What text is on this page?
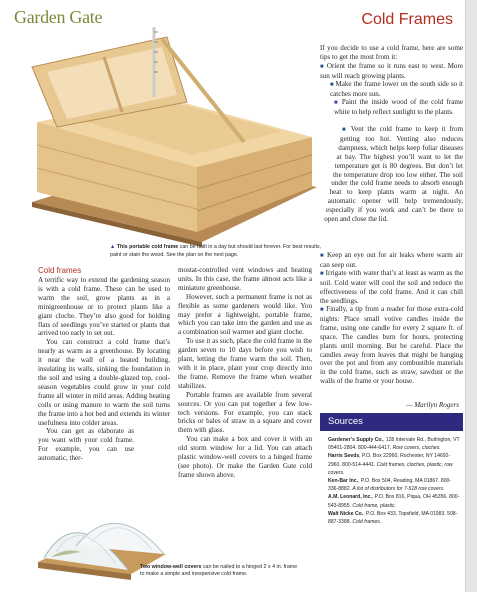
Garden Gate	Cold Frames
▲ This portable cold frame can be built in a day but should last forever. For best results, paint or stain the wood. See the plan on the next page.
If you decide to use a cold frame, here are some tips to get the most from it:
■ Orient the frame so it runs east to west. More sun will reach growing plants.
■ Make the frame lower on the south side so it catches more sun.
■ Paint the inside wood of the cold frame white to help reflect sunlight to the plants.
■ Vent the cold frame to keep it from getting too hot. Venting also reduces dampness, which helps keep foliar diseases at bay. The highest you’ll want to let the temperature get is 80 degrees. But don’t let the temperature drop too low either. The soil under the cold frame needs to absorb enough heat to keep plants warm at night. An automatic opener will help tremendously, especially if you work and can’t be there to open and close the lid.
■ Keep an eye out for air leaks where warm air can seep out.
■ Irrigate with water that’s at least as warm as the soil. Cold water will cool the soil and reduce the effectiveness of the cold frame. And it can chill the seedlings.
■ Finally, a tip from a reader for those extra-cold nights: Place small votive candles inside the frame, using one candle for every 2 square ft. of space. The candles burn for hours, protecting plants until morning. But be careful. Place the candles away from leaves that might be hanging over the pot and from any combustible materials in the cold frame, such as straw, sawdust or the walls of the frame or your house.
— Marilyn Rogers
Cold frames

A terrific way to extend the gardening season is with a cold frame. These can be used to warm the soil, grow plants as in a minigreenhouse or to protect plants like a giant cloche. They’re also good for holding flats of seedlings you’ve started or plants that arrived too early to set out.

You can construct a cold frame that’s nearly as warm as a greenhouse. By locating it near the wall of a heated building, insulating its walls, sinking the foundation in the soil and using a double-glazed top, cool-season vegetables could grow in your cold frame all winter in mild areas. Adding heating coils or using manure to warm the soil turns the frame into a hot bed and extends its winter usefulness into colder areas.

You can get as elaborate as you want with your cold frame. For example, you can use automatic, ther-

mostat-controlled vent windows and heating units. In this case, the frame almost acts like a miniature greenhouse.

However, such a permanent frame is not as flexible as some gardeners would like. You may prefer a lightweight, portable frame, which you can take into the garden and use as a combination soil warmer and giant cloche.

To use it as such, place the cold frame in the garden seven to 10 days before you wish to plant, letting the frame warm the soil. Then, with it in place, plant your crop directly into the frame. Remove the frame when weather stabilizes.

Portable frames are available from several sources. Or you can put together a few low-tech versions. For example, you can stack bricks or bales of straw in a square and cover them with glass.

You can make a box and cover it with an old storm window for a lid. You can attach plastic window-well covers to a hinged frame (see photo). Or make the Garden Gate cold frame shown above.

Two window-well covers can be nailed to a hinged 2 x 4 in. frame to make a simple and inexpensive cold frame.
Sources
Gardener’s Supply Co., 128 Intervale Rd., Burlington, VT 05401-2804. 800-444-6417. Row covers, cloches.
Harris Seeds, P.O. Box 22960, Rochester, NY 14692-2960. 800-514-4441. Cold frames, cloches, plastic, row covers.
Ken-Bar Inc., P.O. Box 504, Reading, MA 01867. 800-336-8882. A list of distributors for 7-518 row covers.
A.M. Leonard, Inc., P.O. Box 816, Piqua, OH 45356. 800-543-8955. Cold frame, plastic.
Walt Nicke Co., P.O. Box 433, Topsfield, MA 01983. 508-887-3388. Cold frames.
